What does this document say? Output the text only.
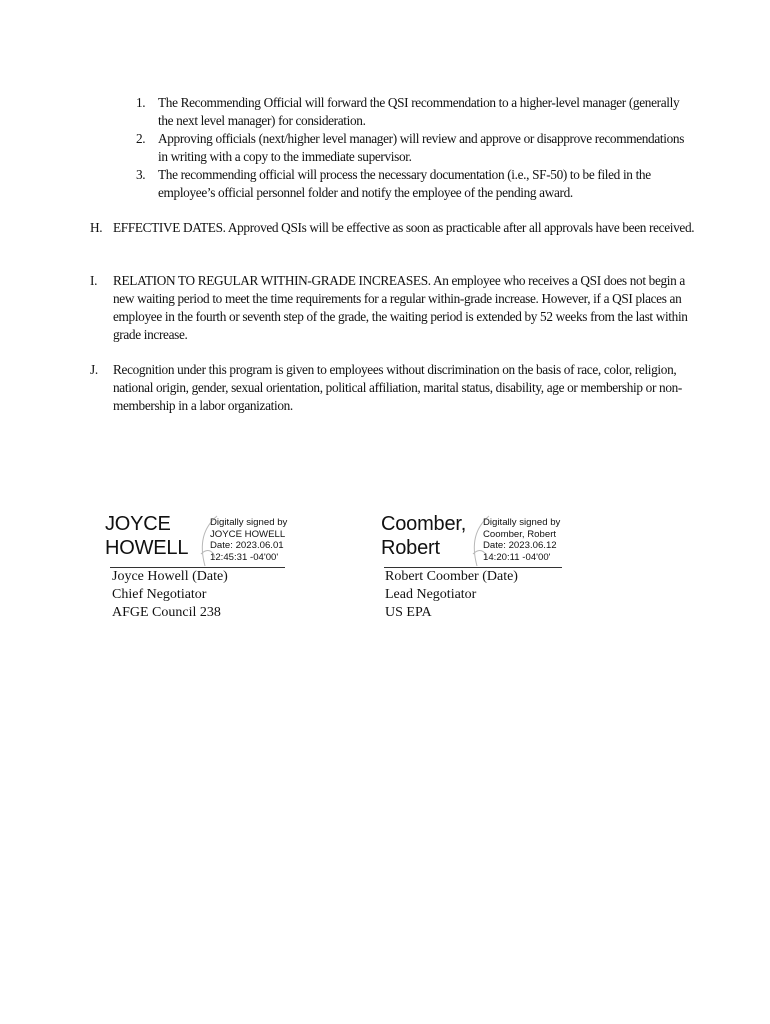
1. The Recommending Official will forward the QSI recommendation to a higher-level manager (generally the next level manager) for consideration.
2. Approving officials (next/higher level manager) will review and approve or disapprove recommendations in writing with a copy to the immediate supervisor.
3. The recommending official will process the necessary documentation (i.e., SF-50) to be filed in the employee’s official personnel folder and notify the employee of the pending award.
H. EFFECTIVE DATES. Approved QSIs will be effective as soon as practicable after all approvals have been received.
I.	RELATION TO REGULAR WITHIN-GRADE INCREASES. An employee who receives a QSI does not begin a new waiting period to meet the time requirements for a regular within-grade increase. However, if a QSI places an employee in the fourth or seventh step of the grade, the waiting period is extended by 52 weeks from the last within grade increase.
J.	Recognition under this program is given to employees without discrimination on the basis of race, color, religion, national origin, gender, sexual orientation, political affiliation, marital status, disability, age or membership or non-membership in a labor organization.
JOYCE
HOWELL
Digitally signed by
JOYCE HOWELL
Date: 2023.06.01
12:45:31 -04'00'
Joyce Howell (Date)
Chief Negotiator
AFGE Council 238
Coomber,
Robert
Digitally signed by
Coomber, Robert
Date: 2023.06.12
14:20:11 -04'00'
Robert Coomber (Date)
Lead Negotiator
US EPA
